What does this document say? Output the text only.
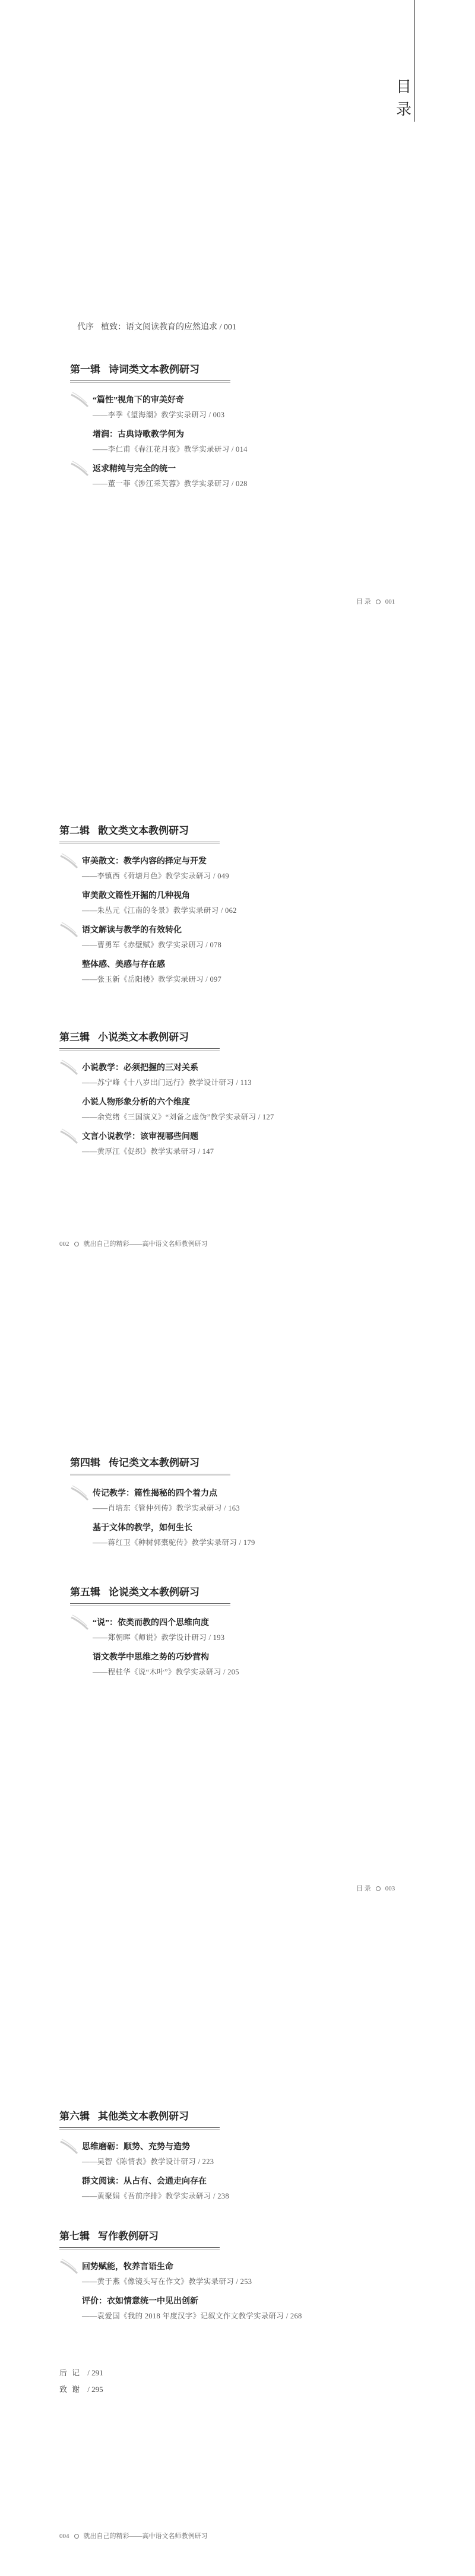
目
录
代序 植致：语文阅读教育的应然追求 / 001
第一辑 诗词类文本教例研习
“篇性”视角下的审美好奇
——李季《望海潮》教学实录研习 / 003
增润：古典诗歌教学何为
——李仁甫《春江花月夜》教学实录研习 / 014
返求精纯与完全的统一
——董一菲《涉江采芙蓉》教学实录研习 / 028
目 录 001
第二辑 散文类文本教例研习
审美散文：教学内容的择定与开发
——李镇西《荷塘月色》教学实录研习 / 049
审美散文篇性开掘的几种视角
——朱丛元《江南的冬景》教学实录研习 / 062
语文解读与教学的有效转化
——曹勇军《赤壁赋》教学实录研习 / 078
整体感、美感与存在感
——张玉新《岳阳楼》教学实录研习 / 097
第三辑 小说类文本教例研习
小说教学：必须把握的三对关系
——苏宁峰《十八岁出门远行》教学设计研习 / 113
小说人物形象分析的六个维度
——余党绪《三国演义》“刘备之虚伪”教学实录研习 / 127
文言小说教学：该审视哪些问题
——黄厚江《促织》教学实录研习 / 147
002 就出自己的精彩——高中语文名师教例研习
第四辑 传记类文本教例研习
传记教学：篇性揭秘的四个着力点
——肖培东《管仲列传》教学实录研习 / 163
基于文体的教学，如何生长
——蒋红卫《种树郭橐驼传》教学实录研习 / 179
第五辑 论说类文本教例研习
“说”：依类而教的四个思维向度
——郑朝晖《师说》教学设计研习 / 193
语文教学中思维之势的巧妙营构
——程桂华《说“木叶”》教学实录研习 / 205
目 录 003
第六辑 其他类文本教例研习
思维磨砺：顺势、充势与造势
——吴智《陈情表》教学设计研习 / 223
群文阅读：从占有、会通走向存在
——黄聚娟《吾前序排》教学实录研习 / 238
第七辑 写作教例研习
回势赋能，牧养言语生命
——黄于燕《像镜头写在作文》教学实录研习 / 253
评价：衣如情意统一中见出创新
——袁爱国《我的 2018 年度汉字》记叙文作文教学实录研习 / 268
后记 / 291
致谢 / 295
004 就出自己的精彩——高中语文名师教例研习
